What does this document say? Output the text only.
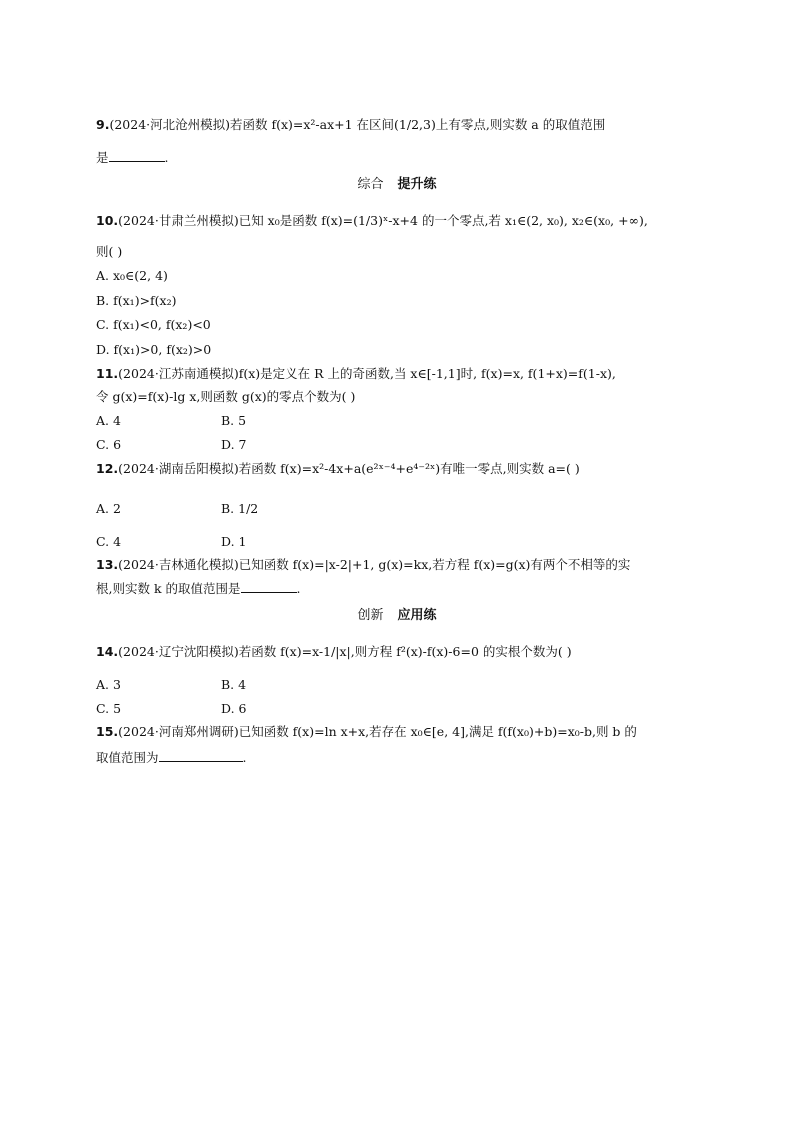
9.(2024·河北沧州模拟)若函数 f(x)=x²-ax+1 在区间(1/2,3)上有零点,则实数 a 的取值范围
是	.
综合 提升练
10.(2024·甘肃兰州模拟)已知 x₀是函数 f(x)=(1/3)ˣ-x+4 的一个零点,若 x₁∈(2, x₀), x₂∈(x₀, +∞),
则( )
A. x₀∈(2, 4)
B. f(x₁)>f(x₂)
C. f(x₁)<0, f(x₂)<0
D. f(x₁)>0, f(x₂)>0
11.(2024·江苏南通模拟)f(x)是定义在 R 上的奇函数,当 x∈[-1,1]时, f(x)=x, f(1+x)=f(1-x),
令 g(x)=f(x)-lg x,则函数 g(x)的零点个数为( )
A. 4	B. 5
C. 6	D. 7
12.(2024·湖南岳阳模拟)若函数 f(x)=x²-4x+a(e²ˣ⁻⁴+e⁴⁻²ˣ)有唯一零点,则实数 a=( )
A. 2	B. 1/2
C. 4	D. 1
13.(2024·吉林通化模拟)已知函数 f(x)=|x-2|+1, g(x)=kx,若方程 f(x)=g(x)有两个不相等的实
根,则实数 k 的取值范围是	.
创新 应用练
14.(2024·辽宁沈阳模拟)若函数 f(x)=x-1/|x|,则方程 f²(x)-f(x)-6=0 的实根个数为( )
A. 3	B. 4
C. 5	D. 6
15.(2024·河南郑州调研)已知函数 f(x)=ln x+x,若存在 x₀∈[e, 4],满足 f(f(x₀)+b)=x₀-b,则 b 的
取值范围为	.
